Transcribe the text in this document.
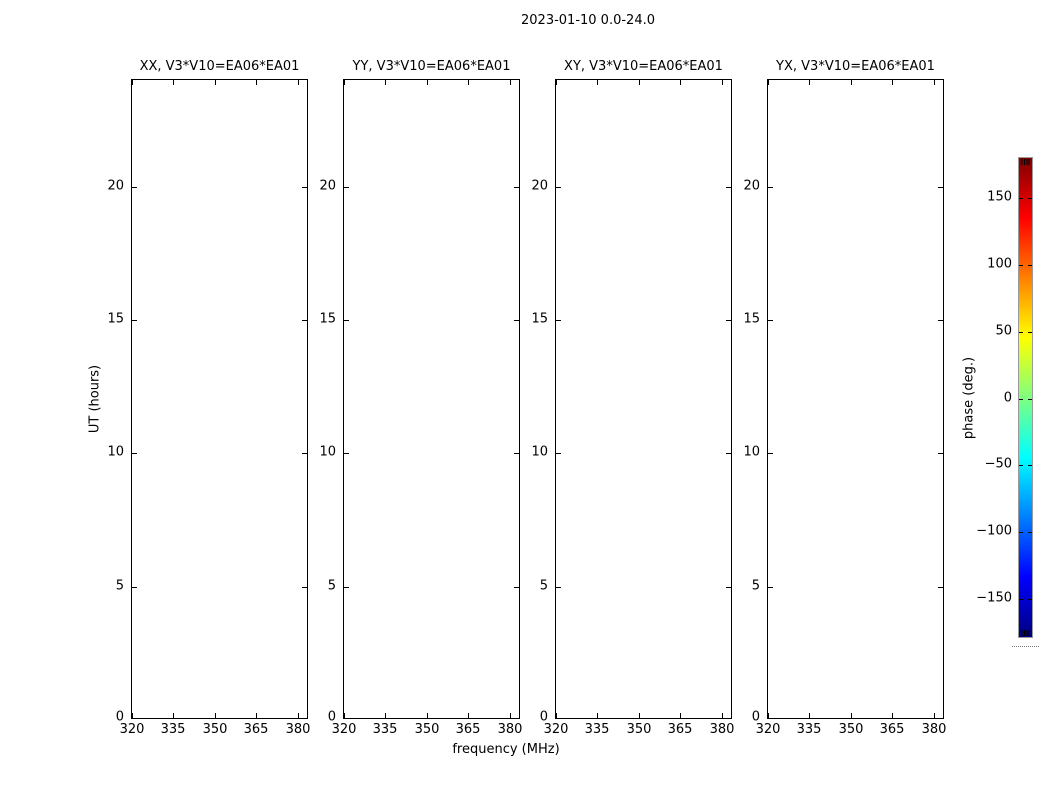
2023-01-10 0.0-24.0
XX, V3*V10=EA06*EA01
20
15
10
5
0
320	335	350	365	380
YY, V3*V10=EA06*EA01
20
15
10
5
0
320	335	350	365	380
XY, V3*V10=EA06*EA01
20
15
10
5
0
320	335	350	365	380
YX, V3*V10=EA06*EA01
20
15
10
5
0
320	335	350	365	380
frequency (MHz)
UT (hours)
150
100
50
0
−50
−100
−150
phase (deg.)
